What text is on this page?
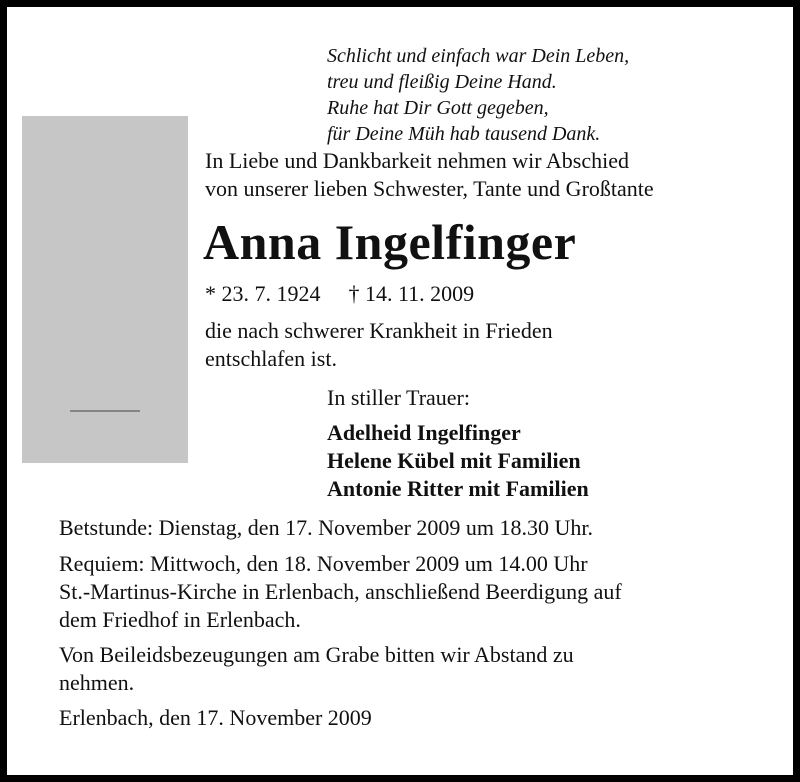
Schlicht und einfach war Dein Leben,
treu und fleißig Deine Hand.
Ruhe hat Dir Gott gegeben,
für Deine Müh hab tausend Dank.
In Liebe und Dankbarkeit nehmen wir Abschied
von unserer lieben Schwester, Tante und Großtante
Anna Ingelfinger
* 23. 7. 1924 † 14. 11. 2009
die nach schwerer Krankheit in Frieden
entschlafen ist.
In stiller Trauer:
Adelheid Ingelfinger
Helene Kübel mit Familien
Antonie Ritter mit Familien
Betstunde: Dienstag, den 17. November 2009 um 18.30 Uhr.
Requiem: Mittwoch, den 18. November 2009 um 14.00 Uhr
St.-Martinus-Kirche in Erlenbach, anschließend Beerdigung auf
dem Friedhof in Erlenbach.
Von Beileidsbezeugungen am Grabe bitten wir Abstand zu
nehmen.
Erlenbach, den 17. November 2009
